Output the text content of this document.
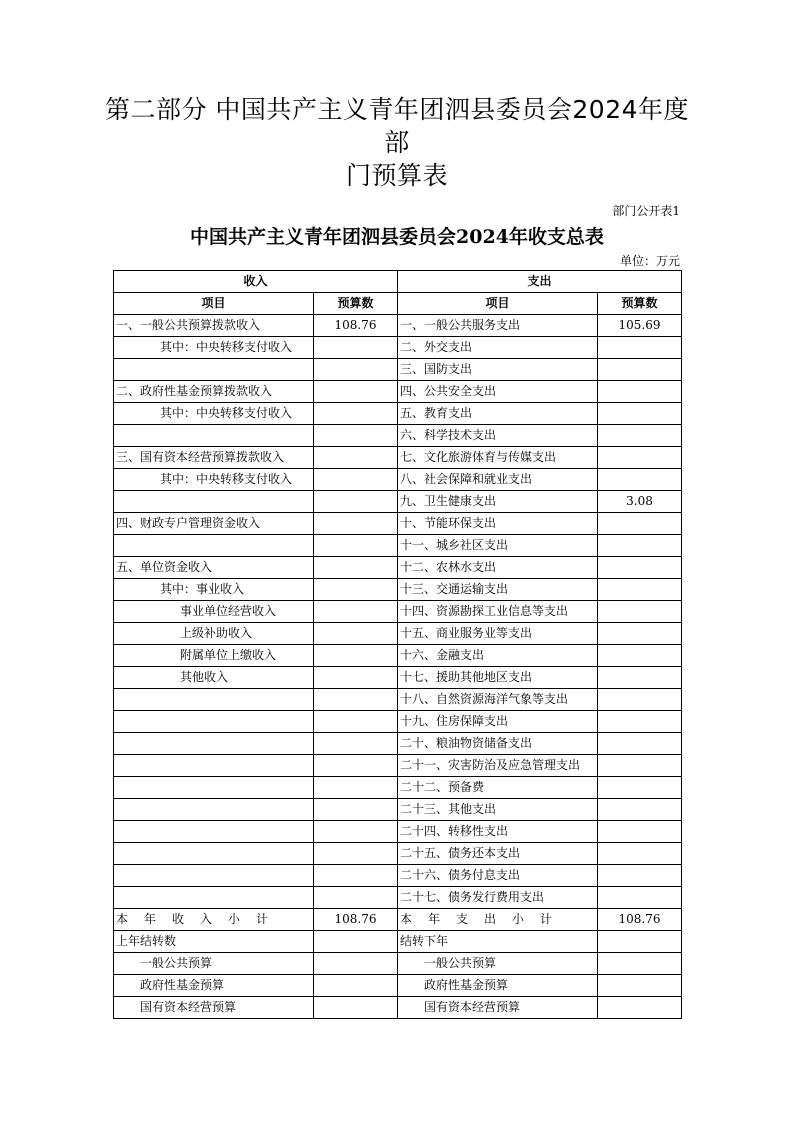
第二部分 中国共产主义青年团泗县委员会2024年度部
门预算表
部门公开表1
中国共产主义青年团泗县委员会2024年收支总表
单位：万元
收入		支出	
项目	预算数	项目	预算数
一、一般公共预算拨款收入	108.76	一、一般公共服务支出	105.69
其中：中央转移支付收入		二、外交支出	
		三、国防支出	
二、政府性基金预算拨款收入		四、公共安全支出	
其中：中央转移支付收入		五、教育支出	
		六、科学技术支出	
三、国有资本经营预算拨款收入		七、文化旅游体育与传媒支出	
其中：中央转移支付收入		八、社会保障和就业支出	
		九、卫生健康支出	3.08
四、财政专户管理资金收入		十、节能环保支出	
		十一、城乡社区支出	
五、单位资金收入		十二、农林水支出	
其中：事业收入		十三、交通运输支出	
事业单位经营收入		十四、资源勘探工业信息等支出	
上级补助收入		十五、商业服务业等支出	
附属单位上缴收入		十六、金融支出	
其他收入		十七、援助其他地区支出	
		十八、自然资源海洋气象等支出	
		十九、住房保障支出	
		二十、粮油物资储备支出	
		二十一、灾害防治及应急管理支出	
		二十二、预备费	
		二十三、其他支出	
		二十四、转移性支出	
		二十五、债务还本支出	
		二十六、债务付息支出	
		二十七、债务发行费用支出	
本年收入小计	108.76	本年支出小计	108.76
上年结转数		结转下年	
一般公共预算		一般公共预算	
政府性基金预算		政府性基金预算	
国有资本经营预算		国有资本经营预算	
